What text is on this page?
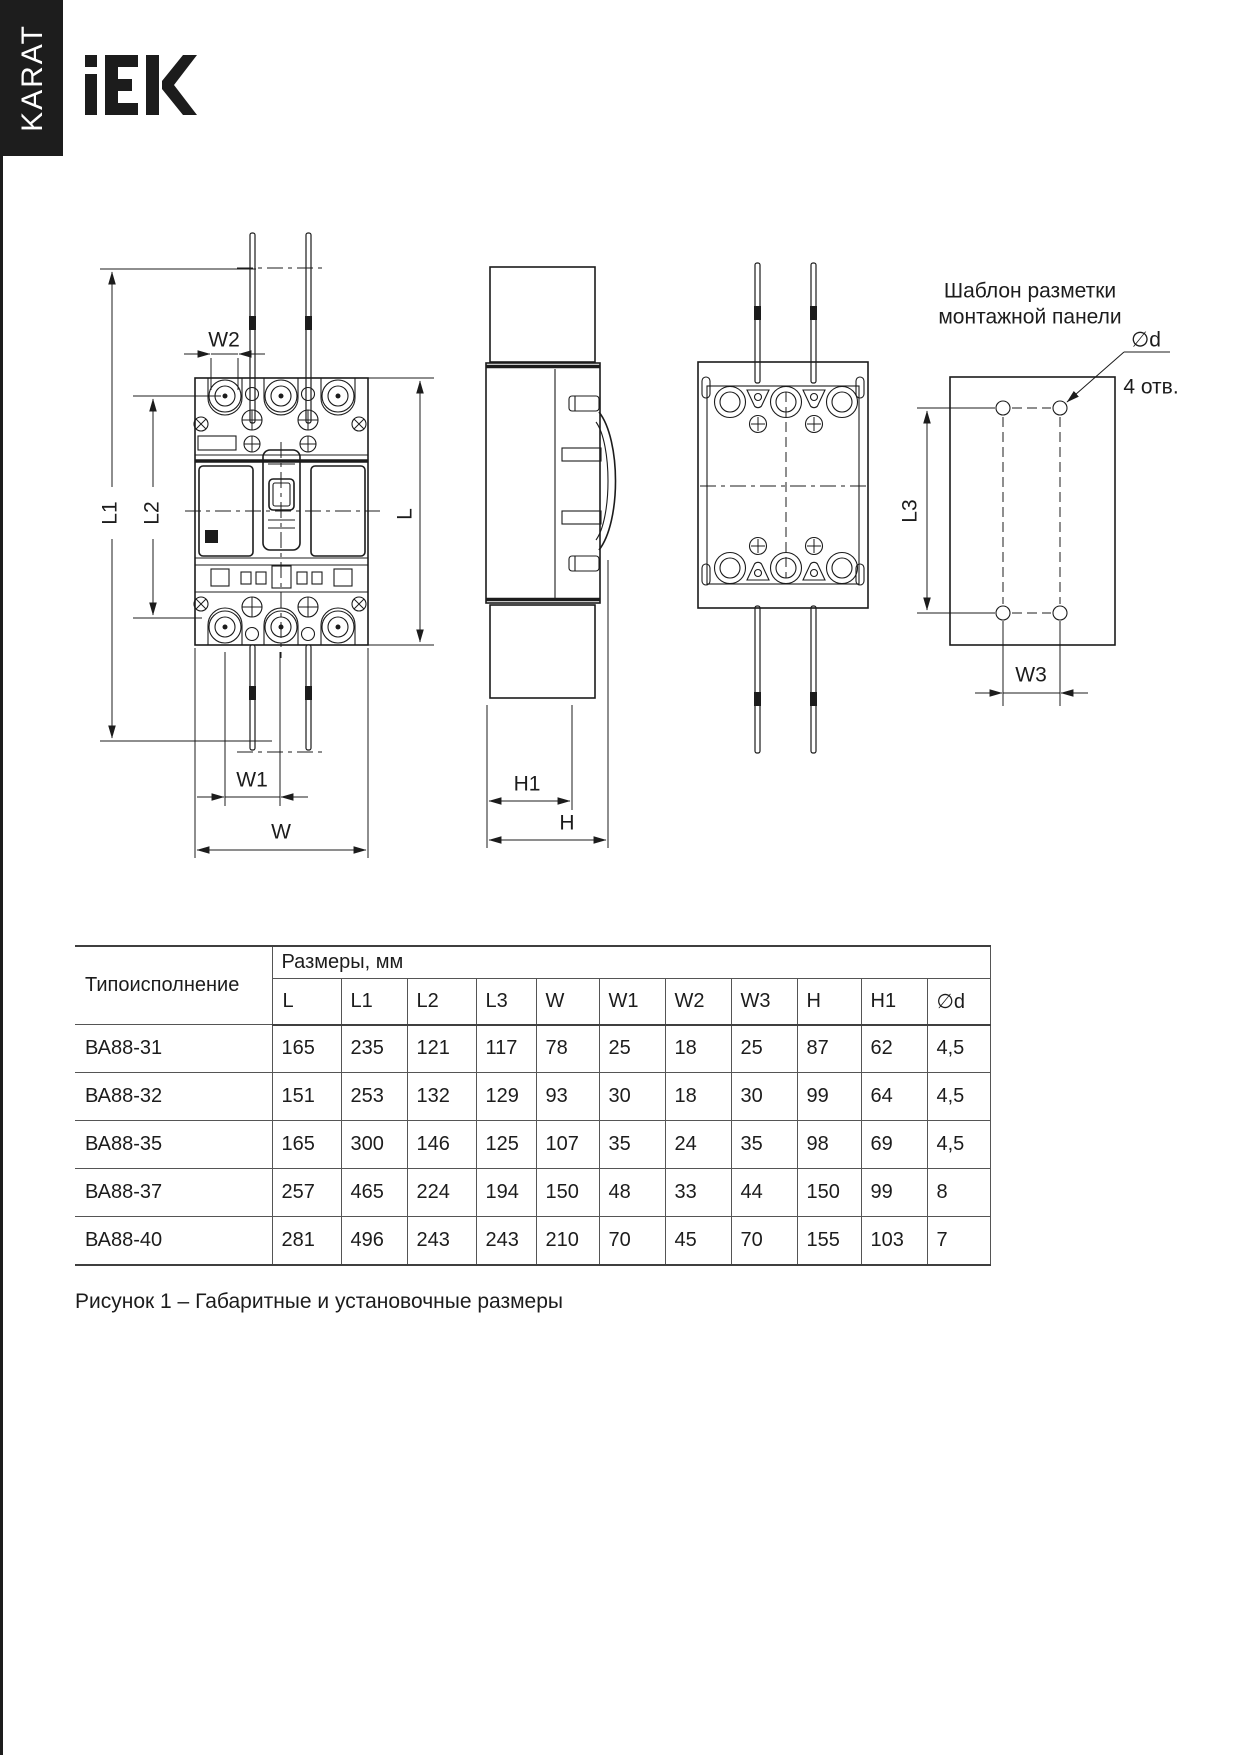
KARAT
W2
L1 L2	L
W1
W
H1
H
Шаблон разметки
монтажной панели
L3
W3
∅d
4 отв.
Типоисполнение	Размеры, мм										
	L	L1	L2	L3	W	W1	W2	W3	H	H1	∅d
ВА88-31	165	235	121	117	78	25	18	25	87	62	4,5
ВА88-32	151	253	132	129	93	30	18	30	99	64	4,5
ВА88-35	165	300	146	125	107	35	24	35	98	69	4,5
ВА88-37	257	465	224	194	150	48	33	44	150	99	8
ВА88-40	281	496	243	243	210	70	45	70	155	103	7
Рисунок 1 – Габаритные и установочные размеры
